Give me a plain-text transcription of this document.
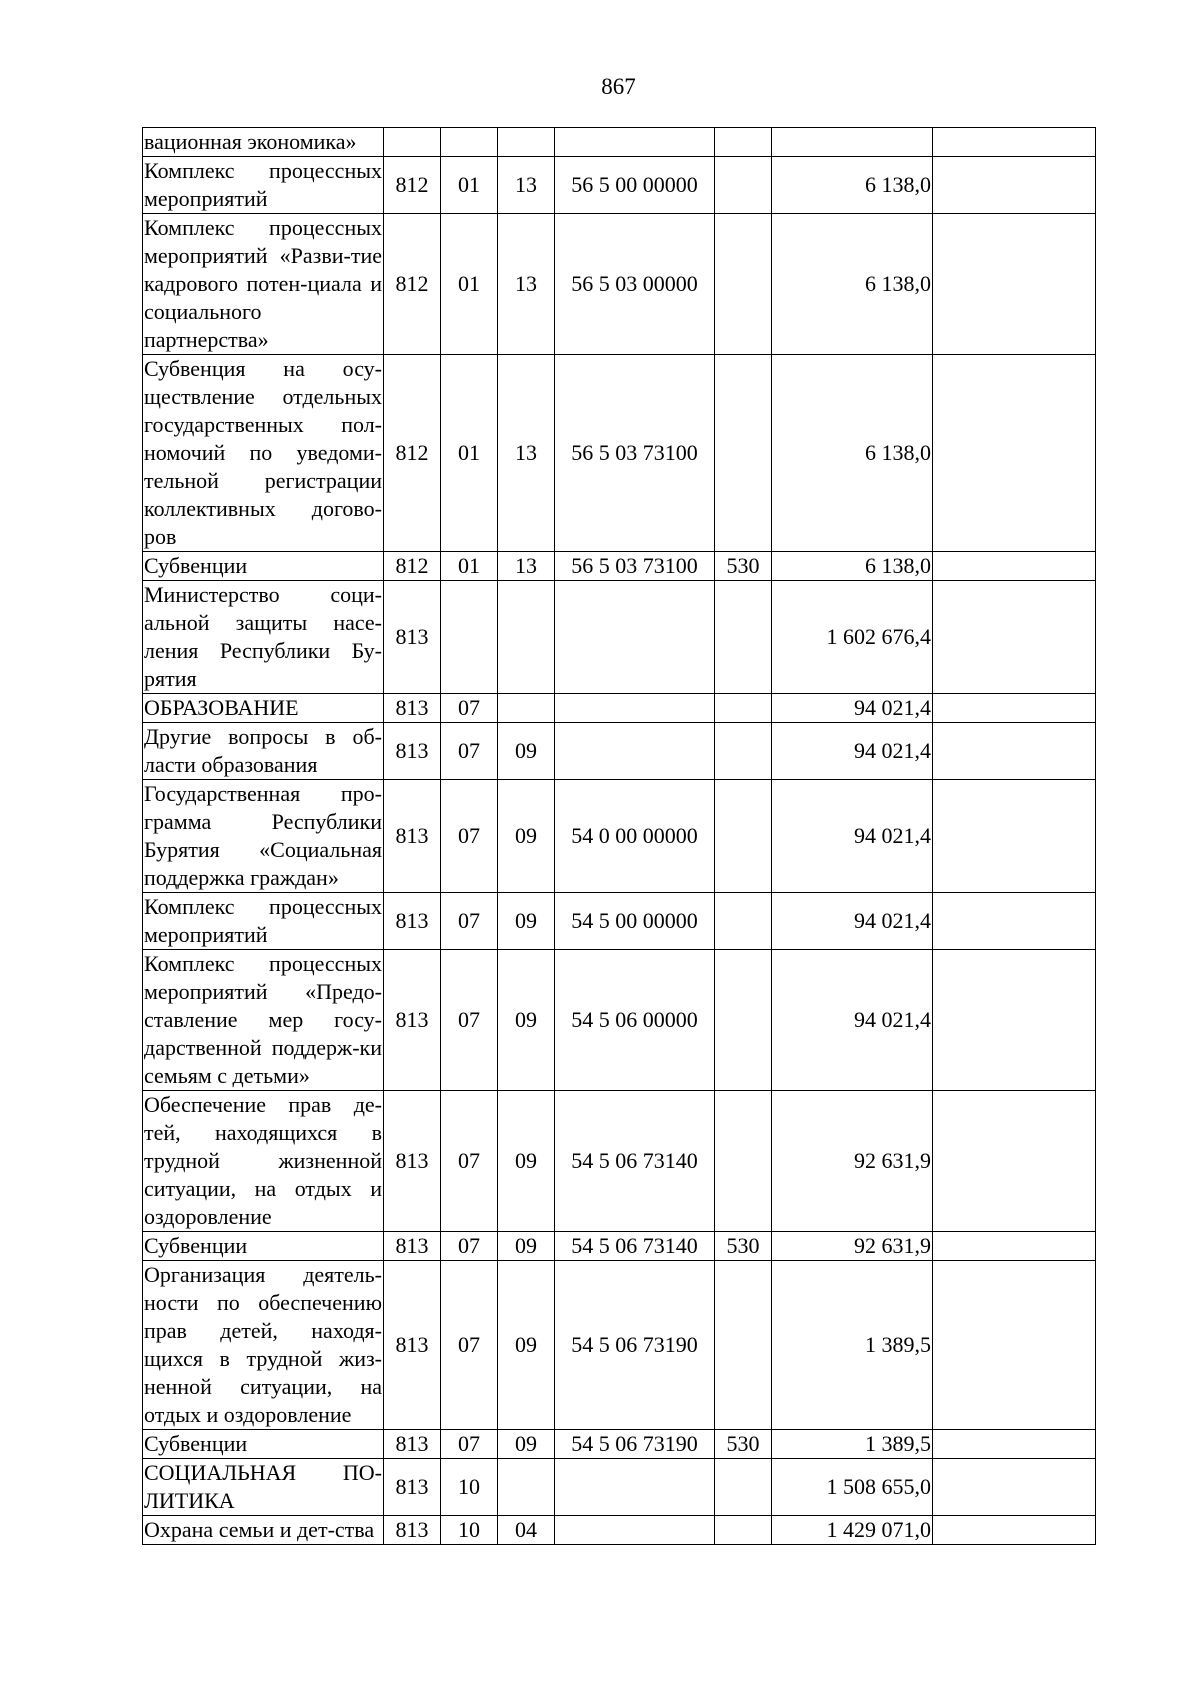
867
вационная экономика»							
Комплекс процессных мероприятий	812	01	13	56 5 00 00000		6 138,0	
Комплекс процессных мероприятий «Разви-тие кадрового потен-циала и социального партнерства»	812	01	13	56 5 03 00000		6 138,0	
Субвенция на осу-ществление отдельных государственных пол-номочий по уведоми-тельной регистрации коллективных догово-ров	812	01	13	56 5 03 73100		6 138,0	
Субвенции	812	01	13	56 5 03 73100	530	6 138,0	
Министерство соци-альной защиты насе-ления Республики Бу-рятия	813					1 602 676,4	
ОБРАЗОВАНИЕ	813	07				94 021,4	
Другие вопросы в об-ласти образования	813	07	09			94 021,4	
Государственная про-грамма Республики Бурятия «Социальная поддержка граждан»	813	07	09	54 0 00 00000		94 021,4	
Комплекс процессных мероприятий	813	07	09	54 5 00 00000		94 021,4	
Комплекс процессных мероприятий «Предо-ставление мер госу-дарственной поддерж-ки семьям с детьми»	813	07	09	54 5 06 00000		94 021,4	
Обеспечение прав де-тей, находящихся в трудной жизненной ситуации, на отдых и оздоровление	813	07	09	54 5 06 73140		92 631,9	
Субвенции	813	07	09	54 5 06 73140	530	92 631,9	
Организация деятель-ности по обеспечению прав детей, находя-щихся в трудной жиз-ненной ситуации, на отдых и оздоровление	813	07	09	54 5 06 73190		1 389,5	
Субвенции	813	07	09	54 5 06 73190	530	1 389,5	
СОЦИАЛЬНАЯ ПО-ЛИТИКА	813	10				1 508 655,0	
Охрана семьи и дет-ства	813	10	04			1 429 071,0	
